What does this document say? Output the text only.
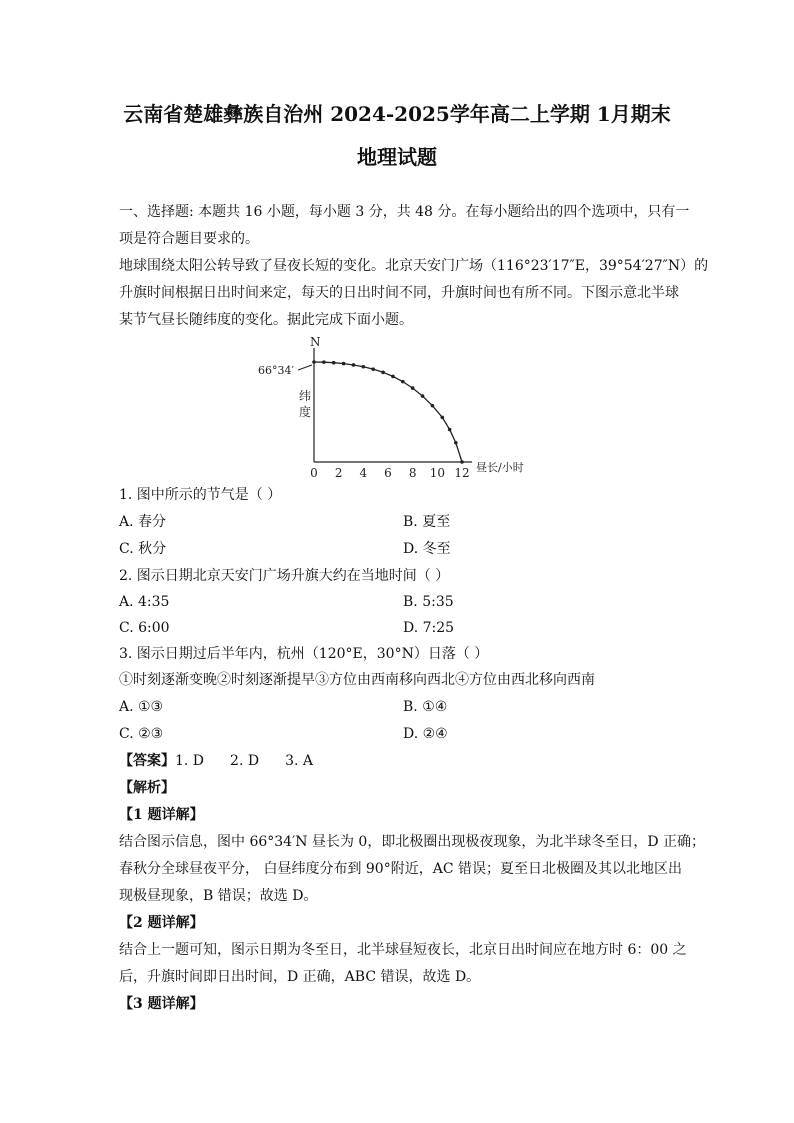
云南省楚雄彝族自治州 2024-2025学年高二上学期 1月期末
地理试题
一、选择题: 本题共 16 小题，每小题 3 分，共 48 分。在每小题给出的四个选项中，只有一
项是符合题目要求的。
地球围绕太阳公转导致了昼夜长短的变化。北京天安门广场（116°23′17″E，39°54′27″N）的
升旗时间根据日出时间来定，每天的日出时间不同，升旗时间也有所不同。下图示意北半球
某节气昼长随纬度的变化。据此完成下面小题。
N
66°34′
纬 度
昼长/小时
0 2 4 6 8 10 12
1. 图中所示的节气是（ ）
A. 春分	B. 夏至
C. 秋分	D. 冬至
2. 图示日期北京天安门广场升旗大约在当地时间（ ）
A. 4:35	B. 5:35
C. 6:00	D. 7:25
3. 图示日期过后半年内，杭州（120°E，30°N）日落（ ）
①时刻逐渐变晚②时刻逐渐提早③方位由西南移向西北④方位由西北移向西南
A. ①③	B. ①④
C. ②③	D. ②④
【答案】1. D 2. D 3. A
【解析】
【1 题详解】
结合图示信息，图中 66°34′N 昼长为 0，即北极圈出现极夜现象，为北半球冬至日，D 正确；
春秋分全球昼夜平分， 白昼纬度分布到 90°附近，AC 错误；夏至日北极圈及其以北地区出
现极昼现象，B 错误；故选 D。
【2 题详解】
结合上一题可知，图示日期为冬至日，北半球昼短夜长，北京日出时间应在地方时 6：00 之
后，升旗时间即日出时间，D 正确，ABC 错误，故选 D。
【3 题详解】
